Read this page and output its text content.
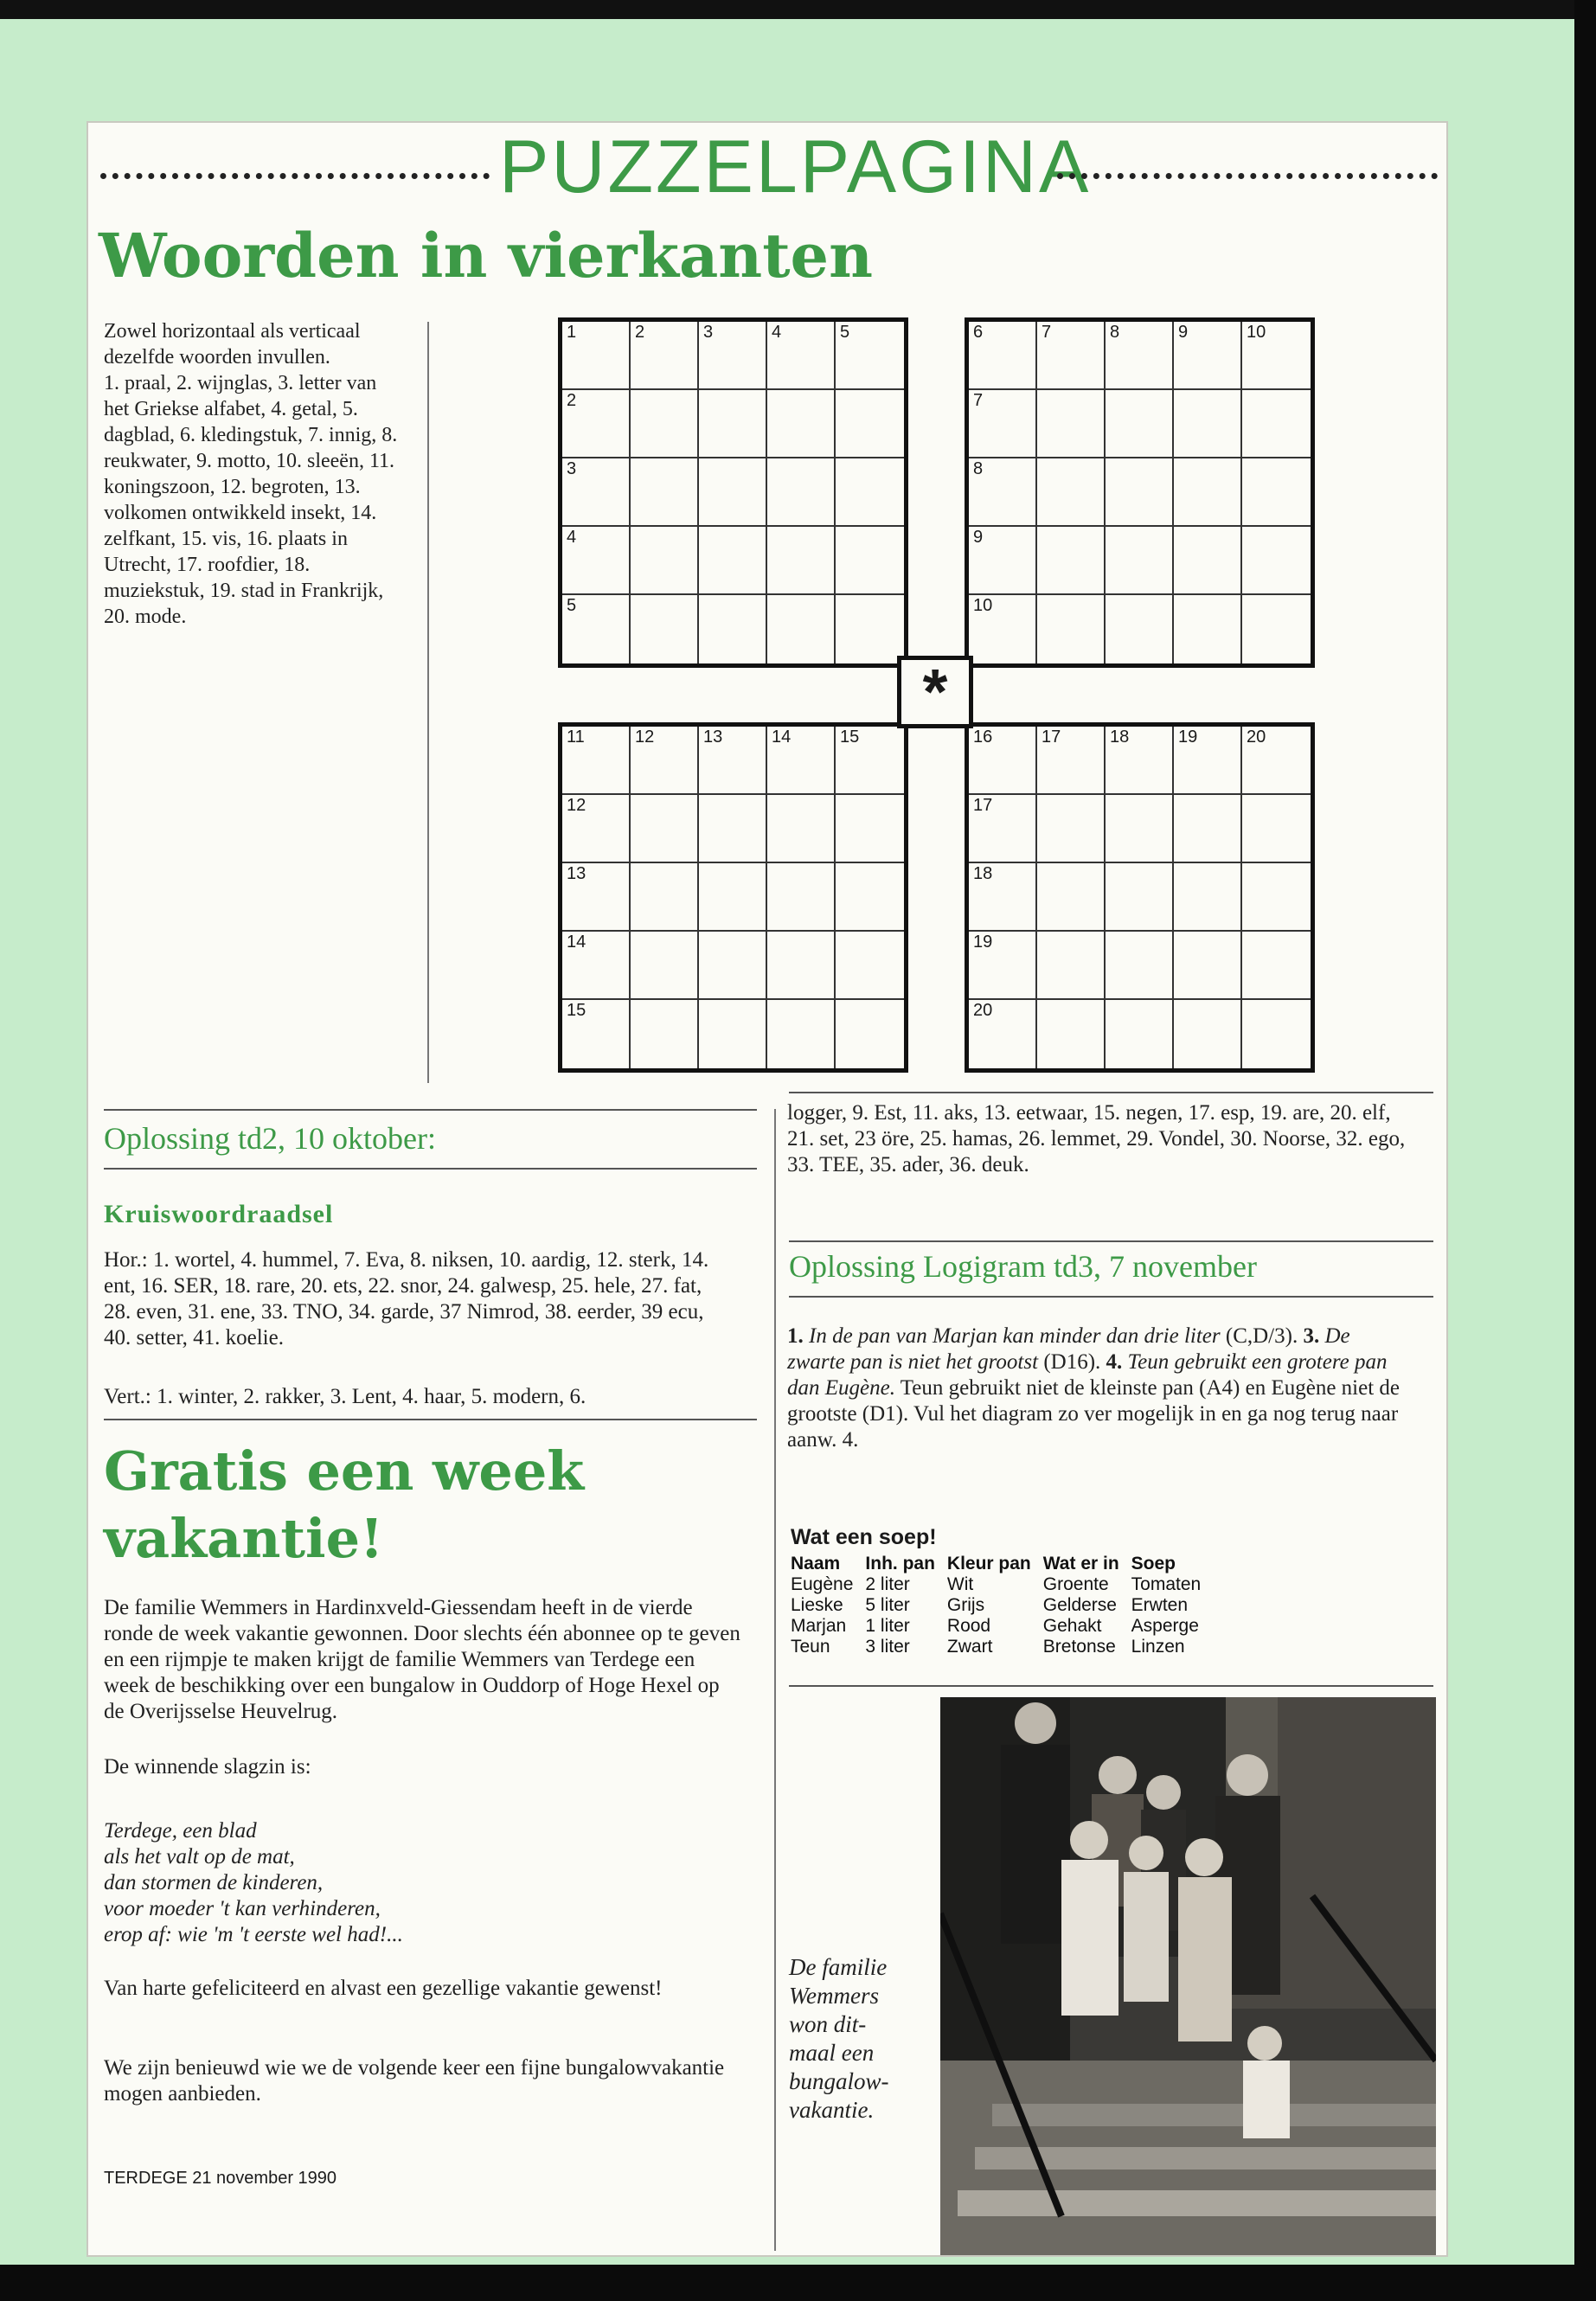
PUZZELPAGINA
Woorden in vierkanten
Zowel horizontaal als verticaal dezelfde woorden invullen.
1. praal, 2. wijnglas, 3. letter van het Griekse alfabet, 4. getal, 5. dagblad, 6. kledingstuk, 7. innig, 8. reukwater, 9. motto, 10. sleeën, 11. koningszoon, 12. begroten, 13. volkomen ontwikkeld insekt, 14. zelfkant, 15. vis, 16. plaats in Utrecht, 17. roofdier, 18. muziekstuk, 19. stad in Frankrijk, 20. mode.
1	2	3	4	5
2
3
4
5
6	7	8	9	10
7
8
9
10
11	12	13	14	15
12
13
14
15
16	17	18	19	20
17
18
19
20
*
Oplossing td2, 10 oktober:
Kruiswoordraadsel
Hor.: 1. wortel, 4. hummel, 7. Eva, 8. niksen, 10. aardig, 12. sterk, 14. ent, 16. SER, 18. rare, 20. ets, 22. snor, 24. galwesp, 25. hele, 27. fat, 28. even, 31. ene, 33. TNO, 34. garde, 37 Nimrod, 38. eerder, 39 ecu, 40. setter, 41. koelie.
Vert.: 1. winter, 2. rakker, 3. Lent, 4. haar, 5. modern, 6.
Gratis een week
vakantie!
De familie Wemmers in Hardinxveld-Giessendam heeft in de vierde ronde de week vakantie gewonnen. Door slechts één abonnee op te geven en een rijmpje te maken krijgt de familie Wemmers van Terdege een week de beschikking over een bungalow in Ouddorp of Hoge Hexel op de Overijsselse Heuvelrug.
De winnende slagzin is:
Terdege, een blad
als het valt op de mat,
dan stormen de kinderen,
voor moeder 't kan verhinderen,
erop af: wie 'm 't eerste wel had!...
Van harte gefeliciteerd en alvast een gezellige vakantie gewenst!
We zijn benieuwd wie we de volgende keer een fijne bungalowvakantie mogen aanbieden.
TERDEGE 21 november 1990
logger, 9. Est, 11. aks, 13. eetwaar, 15. negen, 17. esp, 19. are, 20. elf, 21. set, 23 öre, 25. hamas, 26. lemmet, 29. Vondel, 30. Noorse, 32. ego, 33. TEE, 35. ader, 36. deuk.
Oplossing Logigram td3, 7 november
1. In de pan van Marjan kan minder dan drie liter (C,D/3). 3. De zwarte pan is niet het grootst (D16). 4. Teun gebruikt een grotere pan dan Eugène. Teun gebruikt niet de kleinste pan (A4) en Eugène niet de grootste (D1). Vul het diagram zo ver mogelijk in en ga nog terug naar aanw. 4.
Wat een soep!
Naam	Inh. pan	Kleur pan	Wat er in	Soep
Eugène	2 liter	Wit	Groente	Tomaten
Lieske	5 liter	Grijs	Gelderse	Erwten
Marjan	1 liter	Rood	Gehakt	Asperge
Teun	3 liter	Zwart	Bretonse	Linzen
De familie
Wemmers
won dit-
maal een
bungalow-
vakantie.
